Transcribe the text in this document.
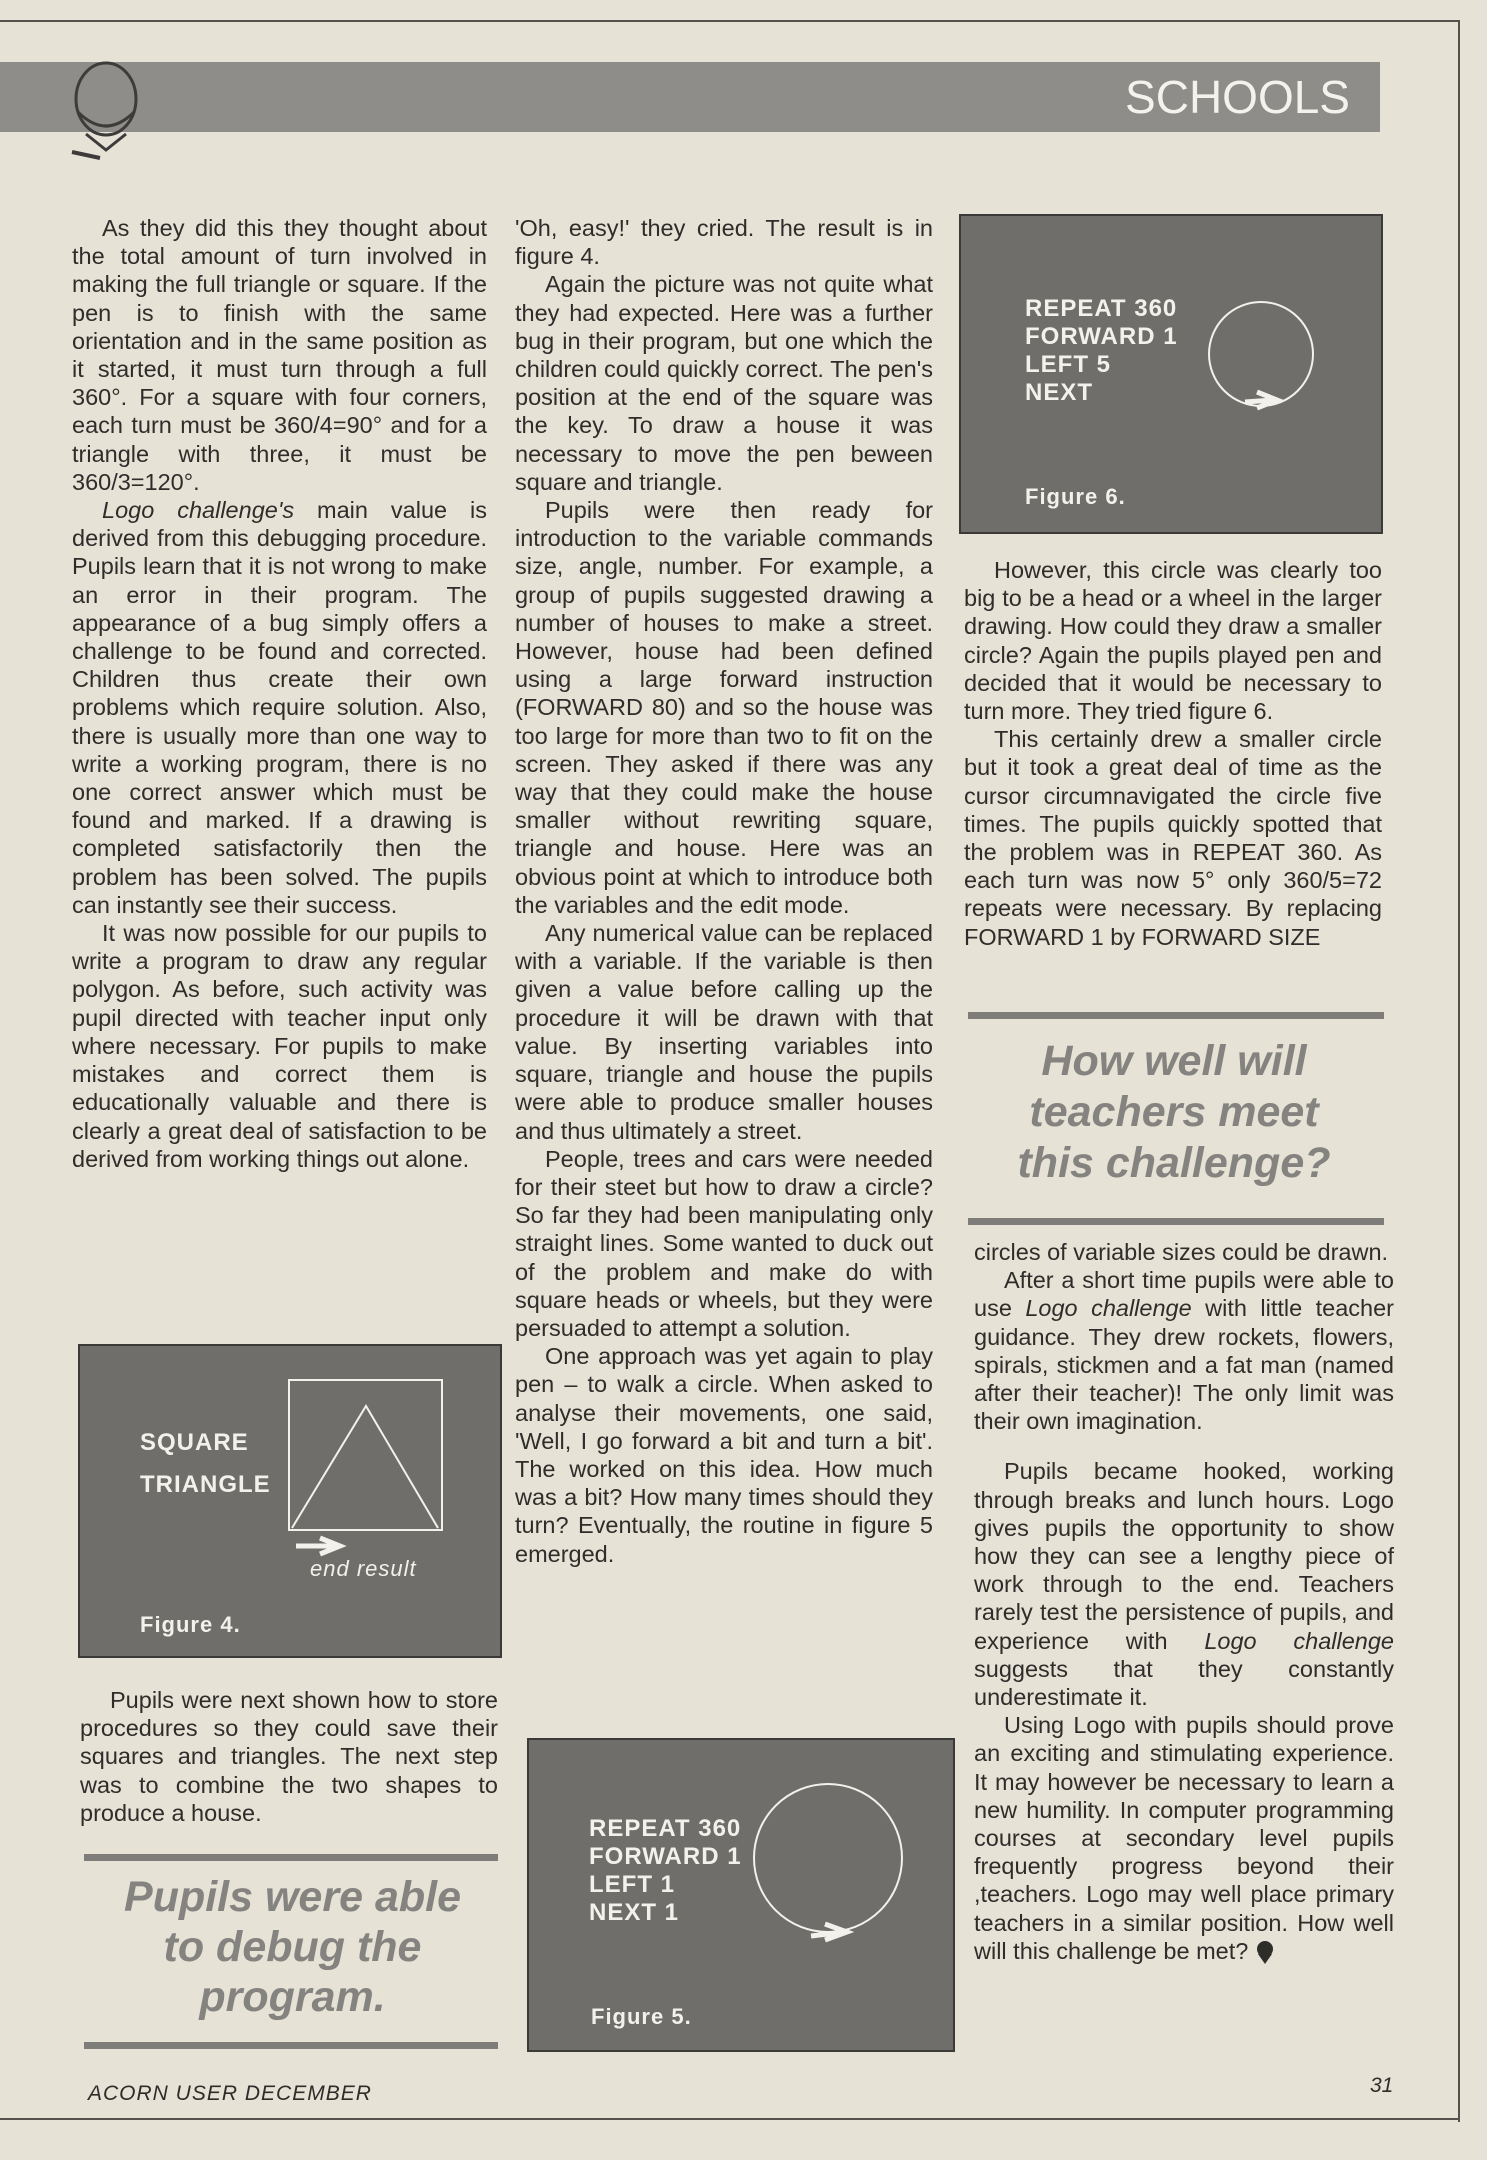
SCHOOLS

As they did this they thought about the total amount of turn involved in making the full triangle or square. If the pen is to finish with the same orientation and in the same position as it started, it must turn through a full 360°. For a square with four corners, each turn must be 360/4=90° and for a triangle with three, it must be 360/3=120°.

Logo challenge's main value is derived from this debugging procedure. Pupils learn that it is not wrong to make an error in their program. The appearance of a bug simply offers a challenge to be found and corrected. Children thus create their own problems which require solution. Also, there is usually more than one way to write a working program, there is no one correct answer which must be found and marked. If a drawing is completed satisfactorily then the problem has been solved. The pupils can instantly see their success.

It was now possible for our pupils to write a program to draw any regular polygon. As before, such activity was pupil directed with teacher input only where necessary. For pupils to make mistakes and correct them is educationally valuable and there is clearly a great deal of satisfaction to be derived from working things out alone.

SQUARE
TRIANGLE
end result
Figure 4.

Pupils were next shown how to store procedures so they could save their squares and triangles. The next step was to combine the two shapes to produce a house.

Pupils were able
to debug the
program.

'Oh, easy!' they cried. The result is in figure 4.

Again the picture was not quite what they had expected. Here was a further bug in their program, but one which the children could quickly correct. The pen's position at the end of the square was the key. To draw a house it was necessary to move the pen beween square and triangle.

Pupils were then ready for introduction to the variable commands size, angle, number. For example, a group of pupils suggested drawing a number of houses to make a street. However, house had been defined using a large forward instruction (FORWARD 80) and so the house was too large for more than two to fit on the screen. They asked if there was any way that they could make the house smaller without rewriting square, triangle and house. Here was an obvious point at which to introduce both the variables and the edit mode.

Any numerical value can be replaced with a variable. If the variable is then given a value before calling up the procedure it will be drawn with that value. By inserting variables into square, triangle and house the pupils were able to produce smaller houses and thus ultimately a street.

People, trees and cars were needed for their steet but how to draw a circle? So far they had been manipulating only straight lines. Some wanted to duck out of the problem and make do with square heads or wheels, but they were persuaded to attempt a solution.

One approach was yet again to play pen – to walk a circle. When asked to analyse their movements, one said, 'Well, I go forward a bit and turn a bit'. The worked on this idea. How much was a bit? How many times should they turn? Eventually, the routine in figure 5 emerged.

REPEAT 360
FORWARD 1
LEFT 1
NEXT 1
Figure 5.
REPEAT 360
FORWARD 1
LEFT 5
NEXT
Figure 6.

However, this circle was clearly too big to be a head or a wheel in the larger drawing. How could they draw a smaller circle? Again the pupils played pen and decided that it would be necessary to turn more. They tried figure 6.

This certainly drew a smaller circle but it took a great deal of time as the cursor circumnavigated the circle five times. The pupils quickly spotted that the problem was in REPEAT 360. As each turn was now 5° only 360/5=72 repeats were necessary. By replacing FORWARD 1 by FORWARD SIZE

How well will
teachers meet
this challenge?

circles of variable sizes could be drawn.

After a short time pupils were able to use Logo challenge with little teacher guidance. They drew rockets, flowers, spirals, stickmen and a fat man (named after their teacher)! The only limit was their own imagination.

Pupils became hooked, working through breaks and lunch hours. Logo gives pupils the opportunity to show how they can see a lengthy piece of work through to the end. Teachers rarely test the persistence of pupils, and experience with Logo challenge suggests that they constantly underestimate it.

Using Logo with pupils should prove an exciting and stimulating experience. It may however be necessary to learn a new humility. In computer programming courses at secondary level pupils frequently progress beyond their ,teachers. Logo may well place primary teachers in a similar position. How well will this challenge be met?

ACORN USER DECEMBER	31
